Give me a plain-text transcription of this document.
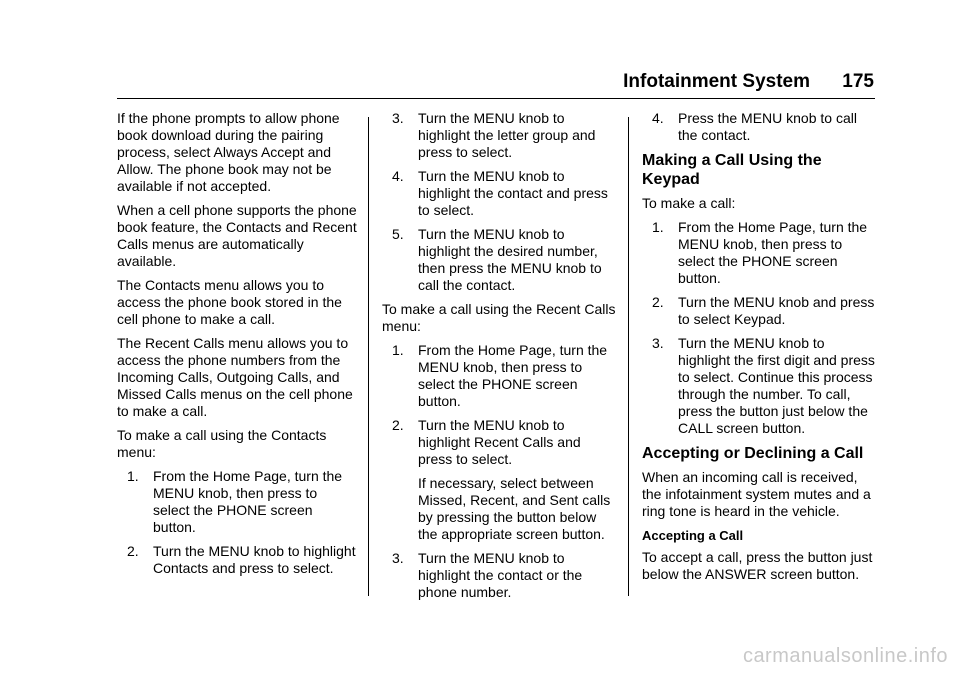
Infotainment System 175

If the phone prompts to allow phone book download during the pairing process, select Always Accept and Allow. The phone book may not be available if not accepted.

When a cell phone supports the phone book feature, the Contacts and Recent Calls menus are automatically available.

The Contacts menu allows you to access the phone book stored in the cell phone to make a call.

The Recent Calls menu allows you to access the phone numbers from the Incoming Calls, Outgoing Calls, and Missed Calls menus on the cell phone to make a call.

To make a call using the Contacts menu:

1. From the Home Page, turn the MENU knob, then press to select the PHONE screen button.
2. Turn the MENU knob to highlight Contacts and press to select.
3. Turn the MENU knob to highlight the letter group and press to select.
4. Turn the MENU knob to highlight the contact and press to select.
5. Turn the MENU knob to highlight the desired number, then press the MENU knob to call the contact.

To make a call using the Recent Calls menu:

1. From the Home Page, turn the MENU knob, then press to select the PHONE screen button.
2. Turn the MENU knob to highlight Recent Calls and press to select.
If necessary, select between Missed, Recent, and Sent calls by pressing the button below the appropriate screen button.
3. Turn the MENU knob to highlight the contact or the phone number.
4. Press the MENU knob to call the contact.
Making a Call Using the Keypad

To make a call:

1. From the Home Page, turn the MENU knob, then press to select the PHONE screen button.
2. Turn the MENU knob and press to select Keypad.
3. Turn the MENU knob to highlight the first digit and press to select. Continue this process through the number. To call, press the button just below the CALL screen button.
Accepting or Declining a Call

When an incoming call is received, the infotainment system mutes and a ring tone is heard in the vehicle.

Accepting a Call

To accept a call, press the button just below the ANSWER screen button.

carmanualsonline.info
